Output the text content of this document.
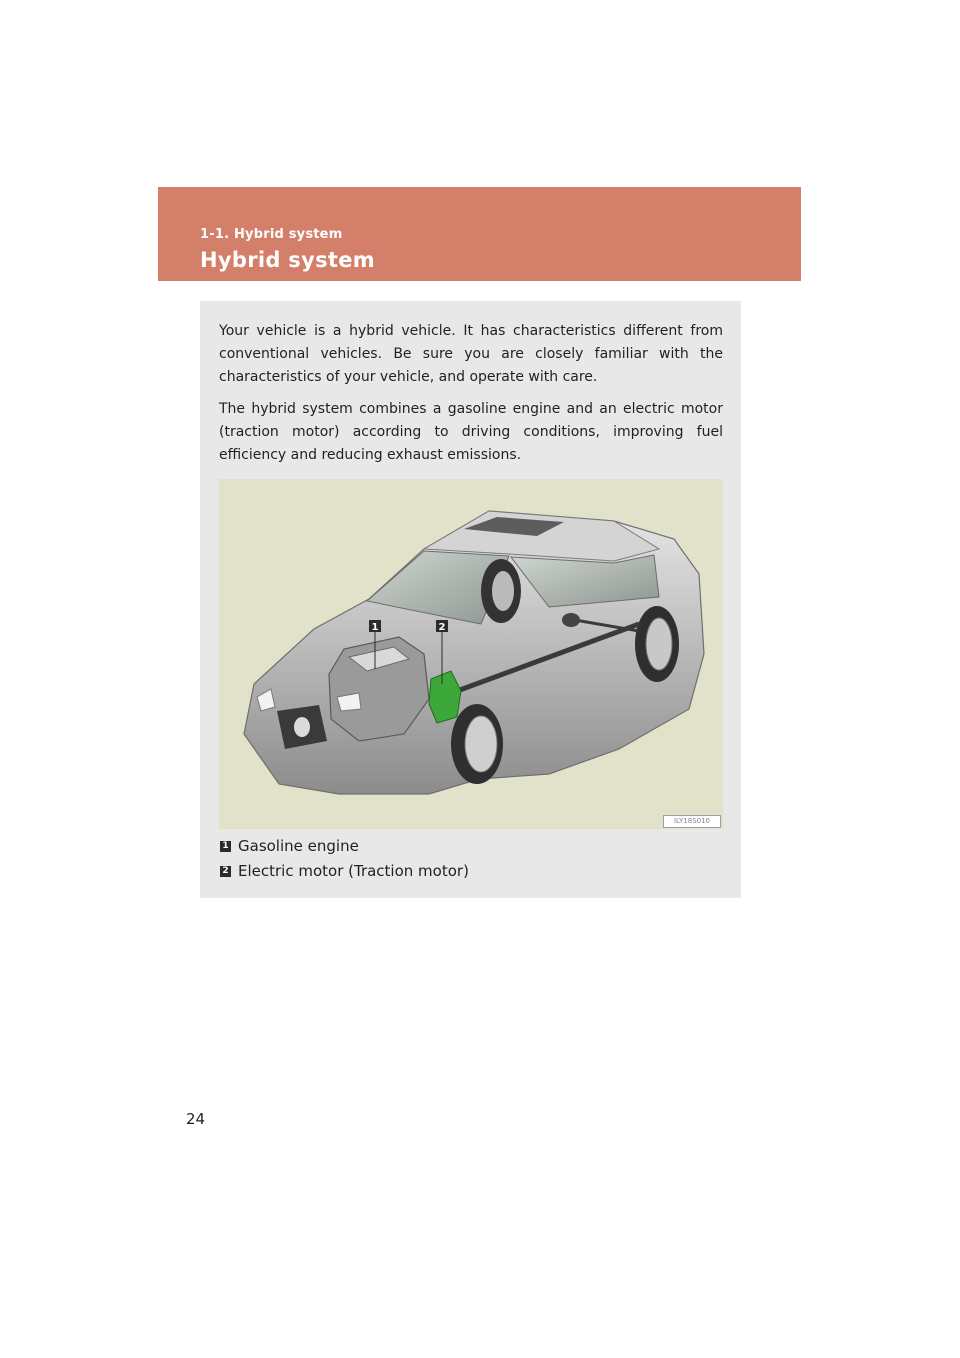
1-1. Hybrid system
Hybrid system

Your vehicle is a hybrid vehicle. It has characteristics different from conventional vehicles. Be sure you are closely familiar with the characteristics of your vehicle, and operate with care.

The hybrid system combines a gasoline engine and an electric motor (traction motor) according to driving conditions, improving fuel efficiency and reducing exhaust emissions.

1	2
ILY18S010
1 Gasoline engine
2 Electric motor (Traction motor)
24
